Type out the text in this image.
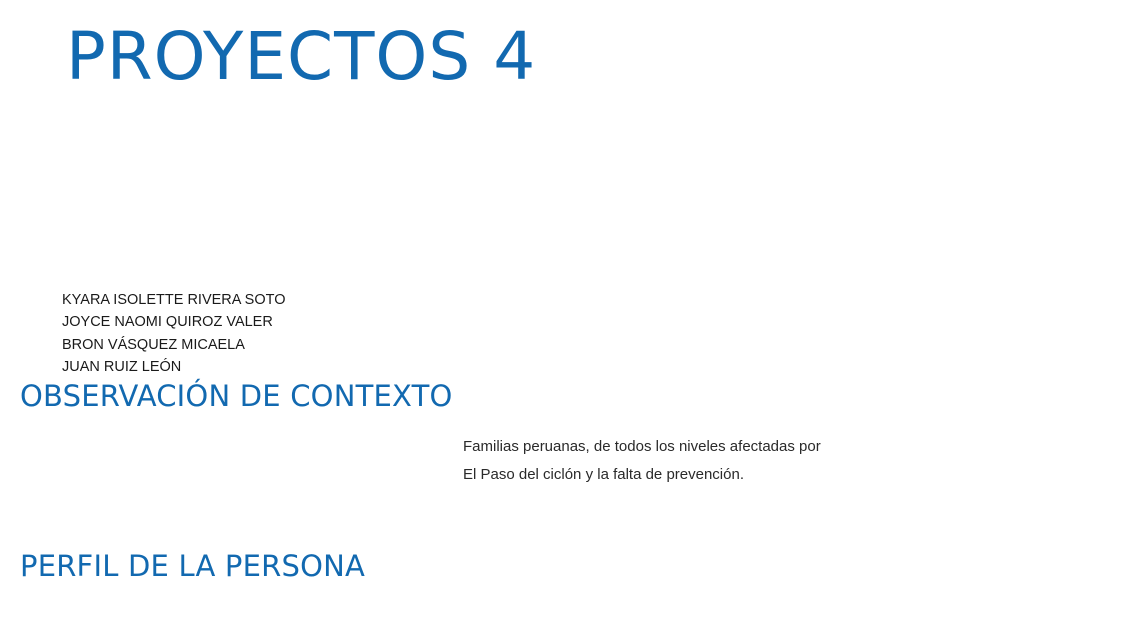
PROYECTOS 4
KYARA ISOLETTE RIVERA SOTO
JOYCE NAOMI QUIROZ VALER
BRON VÁSQUEZ MICAELA
JUAN RUIZ LEÓN
OBSERVACIÓN DE CONTEXTO
Familias peruanas, de todos los niveles afectadas por El Paso del ciclón y la falta de prevención.
PERFIL DE LA PERSONA
